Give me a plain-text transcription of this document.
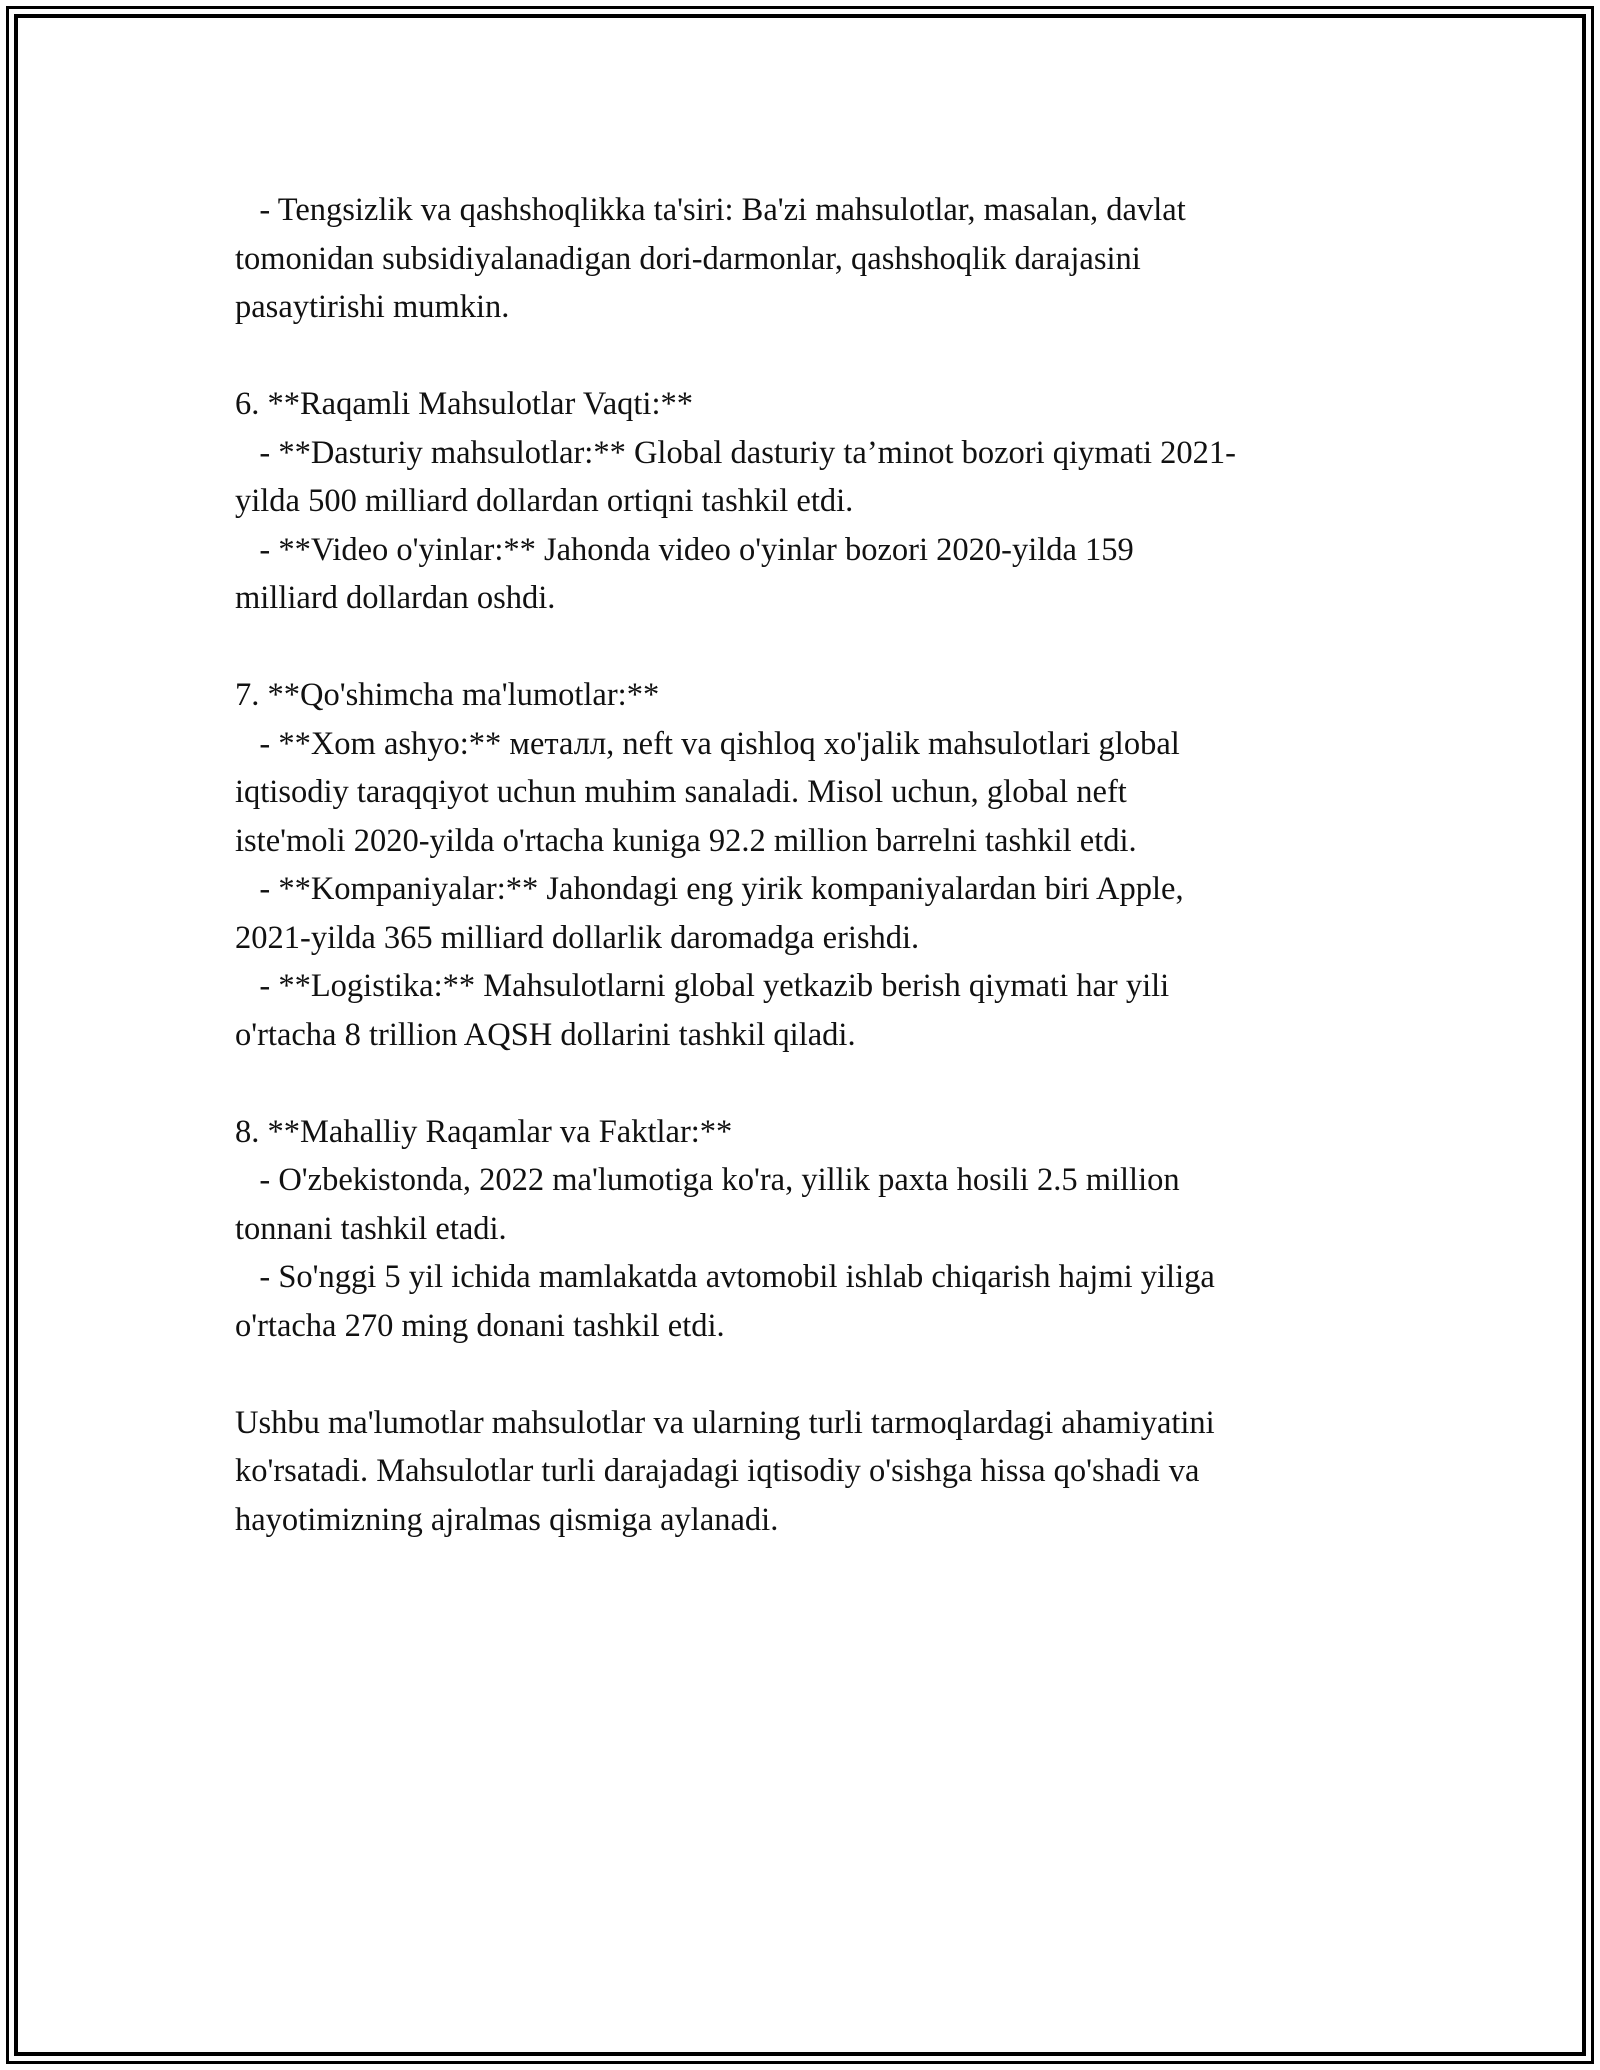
- Tengsizlik va qashshoqlikka ta'siri: Ba'zi mahsulotlar, masalan, davlat
tomonidan subsidiyalanadigan dori-darmonlar, qashshoqlik darajasini
pasaytirishi mumkin.
6. **Raqamli Mahsulotlar Vaqti:**
- **Dasturiy mahsulotlar:** Global dasturiy ta’minot bozori qiymati 2021-
yilda 500 milliard dollardan ortiqni tashkil etdi.
- **Video o'yinlar:** Jahonda video o'yinlar bozori 2020-yilda 159
milliard dollardan oshdi.
7. **Qo'shimcha ma'lumotlar:**
- **Xom ashyo:** металл, neft va qishloq xo'jalik mahsulotlari global
iqtisodiy taraqqiyot uchun muhim sanaladi. Misol uchun, global neft
iste'moli 2020-yilda o'rtacha kuniga 92.2 million barrelni tashkil etdi.
- **Kompaniyalar:** Jahondagi eng yirik kompaniyalardan biri Apple,
2021-yilda 365 milliard dollarlik daromadga erishdi.
- **Logistika:** Mahsulotlarni global yetkazib berish qiymati har yili
o'rtacha 8 trillion AQSH dollarini tashkil qiladi.
8. **Mahalliy Raqamlar va Faktlar:**
- O'zbekistonda, 2022 ma'lumotiga ko'ra, yillik paxta hosili 2.5 million
tonnani tashkil etadi.
- So'nggi 5 yil ichida mamlakatda avtomobil ishlab chiqarish hajmi yiliga
o'rtacha 270 ming donani tashkil etdi.
Ushbu ma'lumotlar mahsulotlar va ularning turli tarmoqlardagi ahamiyatini
ko'rsatadi. Mahsulotlar turli darajadagi iqtisodiy o'sishga hissa qo'shadi va
hayotimizning ajralmas qismiga aylanadi.
